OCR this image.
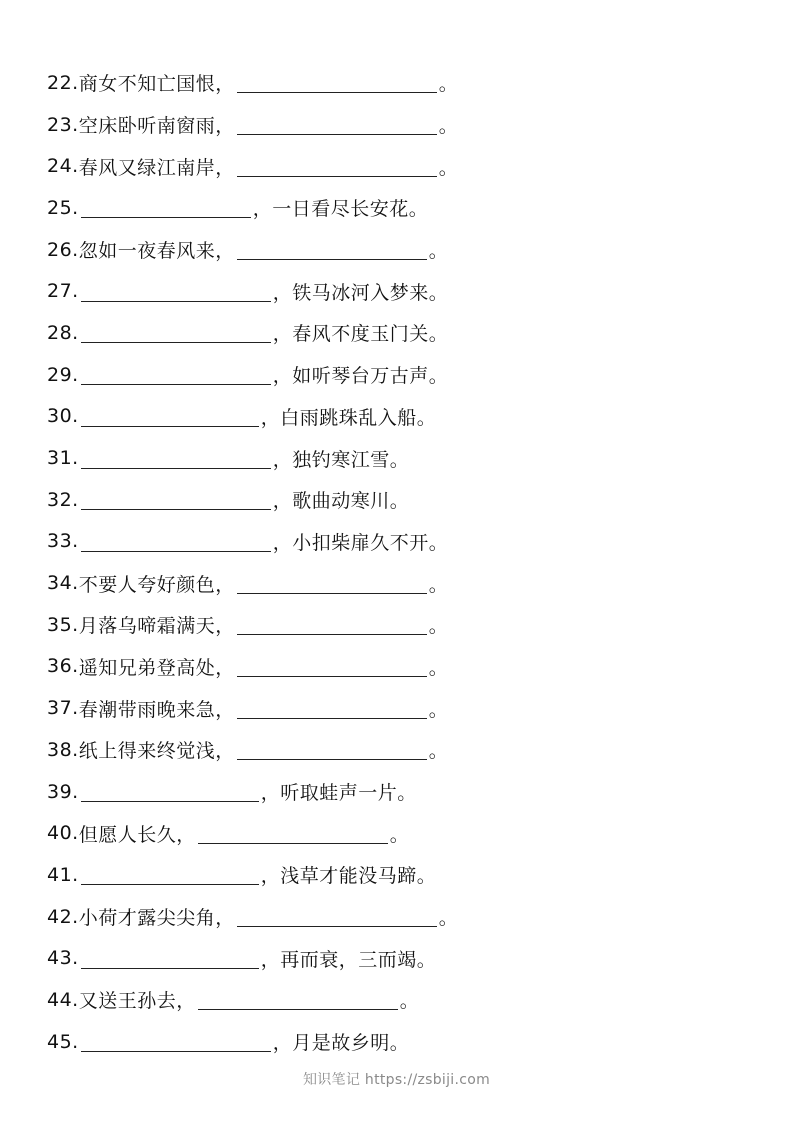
22. 商女不知亡国恨，	。
23. 空床卧听南窗雨，	。
24. 春风又绿江南岸，	。
25.	，一日看尽长安花。
26. 忽如一夜春风来，	。
27.	，铁马冰河入梦来。
28.	，春风不度玉门关。
29.	，如听琴台万古声。
30.	，白雨跳珠乱入船。
31.	，独钓寒江雪。
32.	，歌曲动寒川。
33.	，小扣柴扉久不开。
34. 不要人夸好颜色，	。
35. 月落乌啼霜满天，	。
36. 遥知兄弟登高处，	。
37. 春潮带雨晚来急，	。
38. 纸上得来终觉浅，	。
39.	，听取蛙声一片。
40. 但愿人长久，	。
41.	，浅草才能没马蹄。
42. 小荷才露尖尖角，	。
43.	，再而衰，三而竭。
44. 又送王孙去，	。
45.	，月是故乡明。
知识笔记 https://zsbiji.com
